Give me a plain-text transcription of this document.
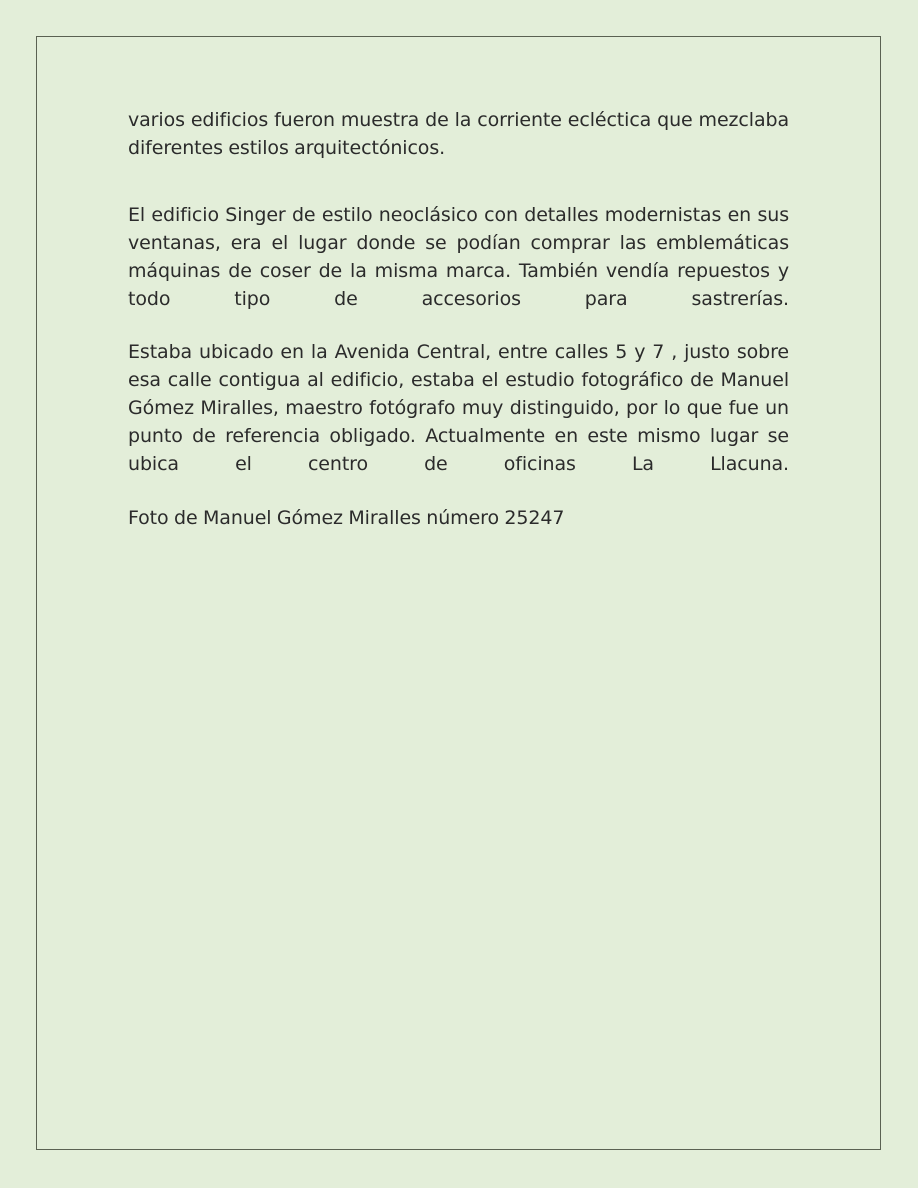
varios edificios fueron muestra de la corriente ecléctica que mezclaba diferentes estilos arquitectónicos.

El edificio Singer de estilo neoclásico con detalles modernistas en sus ventanas, era el lugar donde se podían comprar las emblemáticas máquinas de coser de la misma marca. También vendía repuestos y todo tipo de accesorios para sastrerías.

Estaba ubicado en la Avenida Central, entre calles 5 y 7 , justo sobre esa calle contigua al edificio, estaba el estudio fotográfico de Manuel Gómez Miralles, maestro fotógrafo muy distinguido, por lo que fue un punto de referencia obligado. Actualmente en este mismo lugar se ubica el centro de oficinas La Llacuna.

Foto de Manuel Gómez Miralles número 25247
